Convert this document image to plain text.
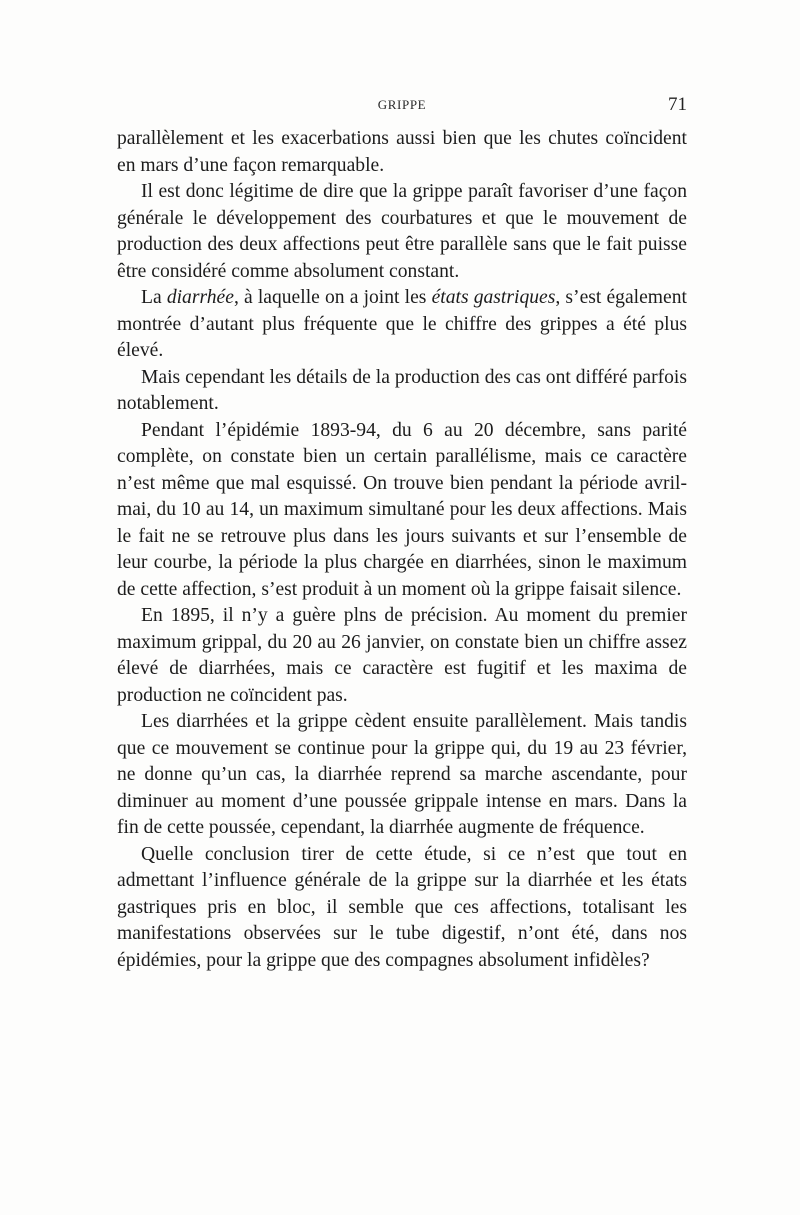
GRIPPE	71

parallèlement et les exacerbations aussi bien que les chutes coïncident en mars d’une façon remarquable.

Il est donc légitime de dire que la grippe paraît favoriser d’une façon générale le développement des courbatures et que le mouvement de production des deux affections peut être parallèle sans que le fait puisse être considéré comme absolument constant.

La diarrhée, à laquelle on a joint les états gastriques, s’est également montrée d’autant plus fréquente que le chiffre des grippes a été plus élevé.

Mais cependant les détails de la production des cas ont différé parfois notablement.

Pendant l’épidémie 1893-94, du 6 au 20 décembre, sans parité complète, on constate bien un certain parallélisme, mais ce caractère n’est même que mal esquissé. On trouve bien pendant la période avril-mai, du 10 au 14, un maximum simultané pour les deux affections. Mais le fait ne se retrouve plus dans les jours suivants et sur l’ensemble de leur courbe, la période la plus chargée en diarrhées, sinon le maximum de cette affection, s’est produit à un moment où la grippe faisait silence.

En 1895, il n’y a guère plns de précision. Au moment du premier maximum grippal, du 20 au 26 janvier, on constate bien un chiffre assez élevé de diarrhées, mais ce caractère est fugitif et les maxima de production ne coïncident pas.

Les diarrhées et la grippe cèdent ensuite parallèlement. Mais tandis que ce mouvement se continue pour la grippe qui, du 19 au 23 février, ne donne qu’un cas, la diarrhée reprend sa marche ascendante, pour diminuer au moment d’une poussée grippale intense en mars. Dans la fin de cette poussée, cependant, la diarrhée augmente de fréquence.

Quelle conclusion tirer de cette étude, si ce n’est que tout en admettant l’influence générale de la grippe sur la diarrhée et les états gastriques pris en bloc, il semble que ces affections, totalisant les manifestations observées sur le tube digestif, n’ont été, dans nos épidémies, pour la grippe que des compagnes absolument infidèles?
